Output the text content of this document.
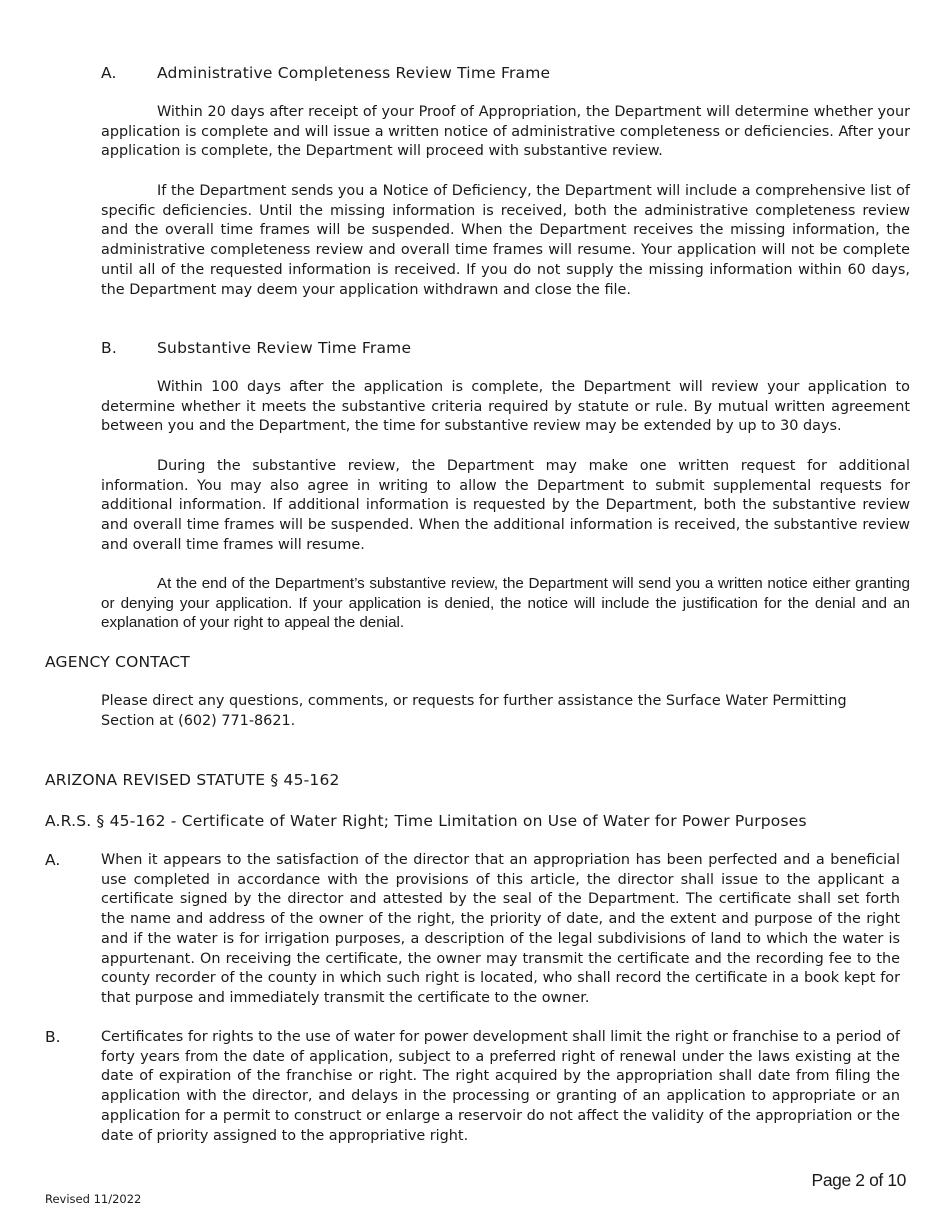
A.	Administrative Completeness Review Time Frame
Within 20 days after receipt of your Proof of Appropriation, the Department will determine whether your application is complete and will issue a written notice of administrative completeness or deficiencies. After your application is complete, the Department will proceed with substantive review.
If the Department sends you a Notice of Deficiency, the Department will include a comprehensive list of specific deficiencies. Until the missing information is received, both the administrative completeness review and the overall time frames will be suspended. When the Department receives the missing information, the administrative completeness review and overall time frames will resume. Your application will not be complete until all of the requested information is received. If you do not supply the missing information within 60 days, the Department may deem your application withdrawn and close the file.
B.	Substantive Review Time Frame
Within 100 days after the application is complete, the Department will review your application to determine whether it meets the substantive criteria required by statute or rule. By mutual written agreement between you and the Department, the time for substantive review may be extended by up to 30 days.
During the substantive review, the Department may make one written request for additional information. You may also agree in writing to allow the Department to submit supplemental requests for additional information. If additional information is requested by the Department, both the substantive review and overall time frames will be suspended. When the additional information is received, the substantive review and overall time frames will resume.
At the end of the Department’s substantive review, the Department will send you a written notice either granting or denying your application. If your application is denied, the notice will include the justification for the denial and an explanation of your right to appeal the denial.
AGENCY CONTACT
Please direct any questions, comments, or requests for further assistance the Surface Water Permitting Section at (602) 771-8621.
ARIZONA REVISED STATUTE § 45-162
A.R.S. § 45-162 - Certificate of Water Right; Time Limitation on Use of Water for Power Purposes
A.	When it appears to the satisfaction of the director that an appropriation has been perfected and a beneficial use completed in accordance with the provisions of this article, the director shall issue to the applicant a certificate signed by the director and attested by the seal of the Department. The certificate shall set forth the name and address of the owner of the right, the priority of date, and the extent and purpose of the right and if the water is for irrigation purposes, a description of the legal subdivisions of land to which the water is appurtenant. On receiving the certificate, the owner may transmit the certificate and the recording fee to the county recorder of the county in which such right is located, who shall record the certificate in a book kept for that purpose and immediately transmit the certificate to the owner.
B.	Certificates for rights to the use of water for power development shall limit the right or franchise to a period of forty years from the date of application, subject to a preferred right of renewal under the laws existing at the date of expiration of the franchise or right. The right acquired by the appropriation shall date from filing the application with the director, and delays in the processing or granting of an application to appropriate or an application for a permit to construct or enlarge a reservoir do not affect the validity of the appropriation or the date of priority assigned to the appropriative right.
Page 2 of 10
Revised 11/2022
